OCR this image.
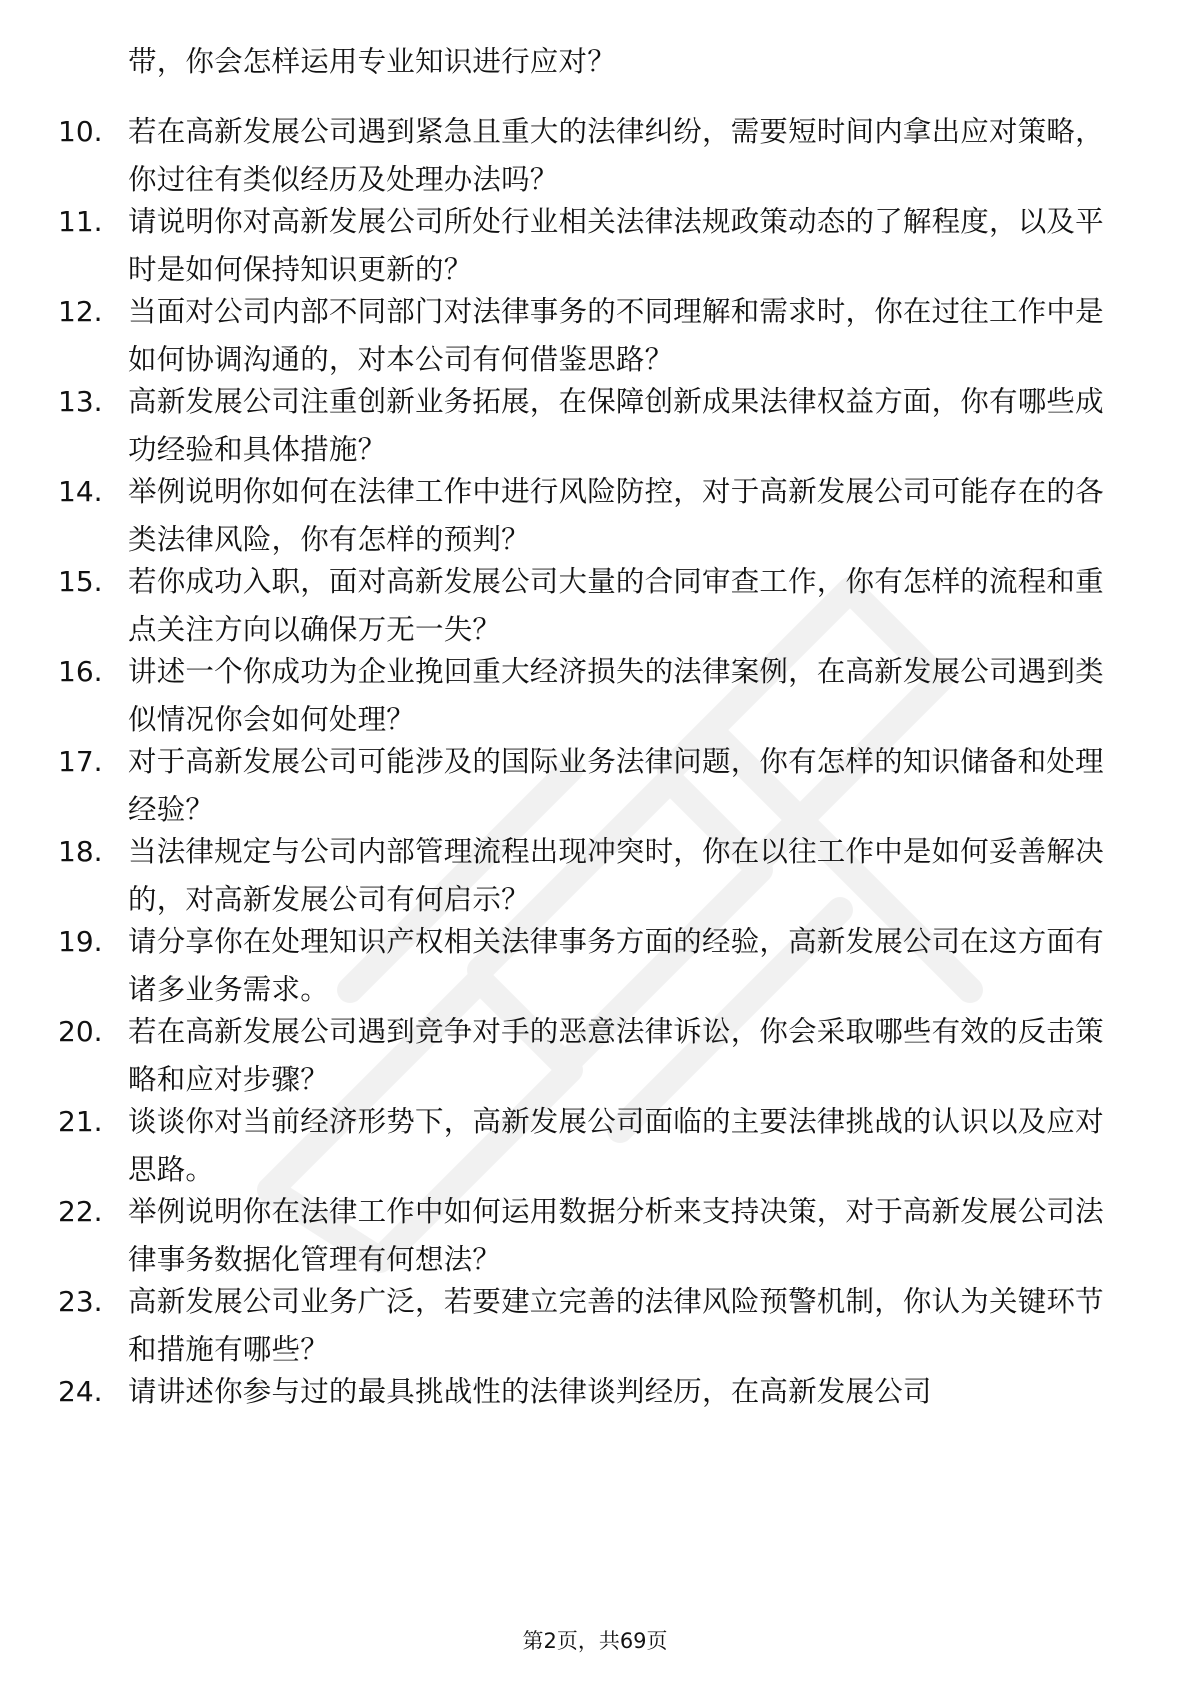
带，你会怎样运用专业知识进行应对？
10. 若在高新发展公司遇到紧急且重大的法律纠纷，需要短时间内拿出应对策略，你过往有类似经历及处理办法吗？
11. 请说明你对高新发展公司所处行业相关法律法规政策动态的了解程度，以及平时是如何保持知识更新的？
12. 当面对公司内部不同部门对法律事务的不同理解和需求时，你在过往工作中是如何协调沟通的，对本公司有何借鉴思路？
13. 高新发展公司注重创新业务拓展，在保障创新成果法律权益方面，你有哪些成功经验和具体措施？
14. 举例说明你如何在法律工作中进行风险防控，对于高新发展公司可能存在的各类法律风险，你有怎样的预判？
15. 若你成功入职，面对高新发展公司大量的合同审查工作，你有怎样的流程和重点关注方向以确保万无一失？
16. 讲述一个你成功为企业挽回重大经济损失的法律案例，在高新发展公司遇到类似情况你会如何处理？
17. 对于高新发展公司可能涉及的国际业务法律问题，你有怎样的知识储备和处理经验？
18. 当法律规定与公司内部管理流程出现冲突时，你在以往工作中是如何妥善解决的，对高新发展公司有何启示？
19. 请分享你在处理知识产权相关法律事务方面的经验，高新发展公司在这方面有诸多业务需求。
20. 若在高新发展公司遇到竞争对手的恶意法律诉讼，你会采取哪些有效的反击策略和应对步骤？
21. 谈谈你对当前经济形势下，高新发展公司面临的主要法律挑战的认识以及应对思路。
22. 举例说明你在法律工作中如何运用数据分析来支持决策，对于高新发展公司法律事务数据化管理有何想法？
23. 高新发展公司业务广泛，若要建立完善的法律风险预警机制，你认为关键环节和措施有哪些？
24. 请讲述你参与过的最具挑战性的法律谈判经历，在高新发展公司
第2页，共69页
